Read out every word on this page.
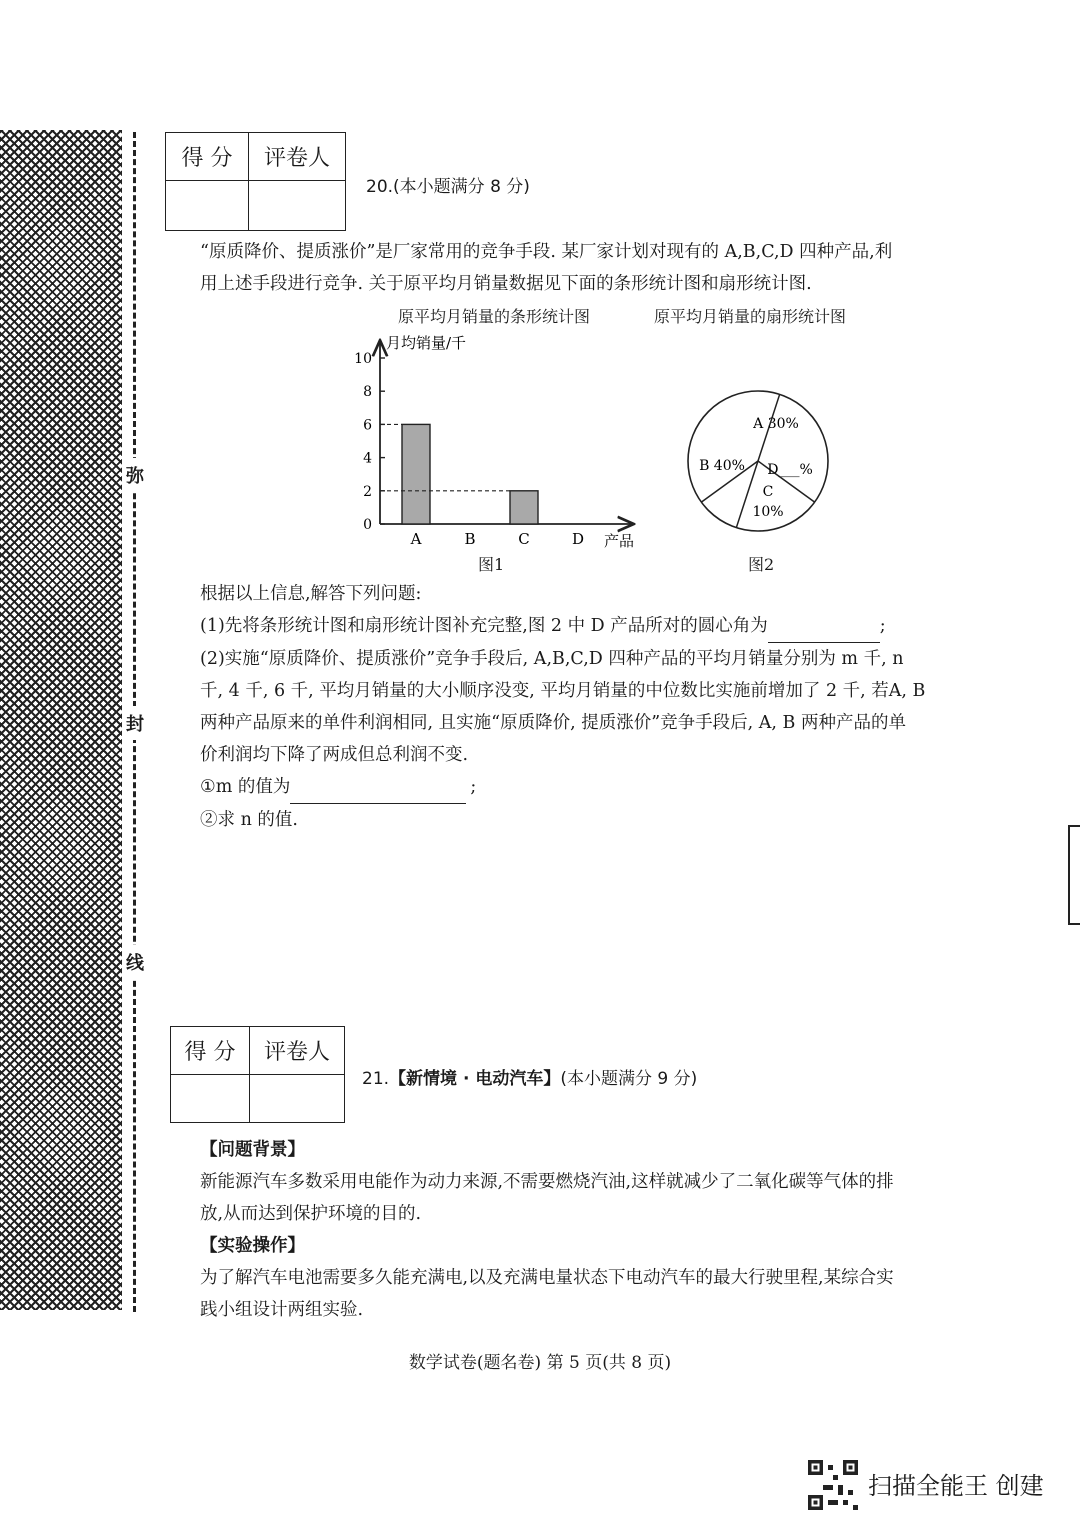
弥
封
线
得 分	评卷人

20.(本小题满分 8 分)
“原质降价、提质涨价”是厂家常用的竞争手段. 某厂家计划对现有的 A,B,C,D 四种产品,利
用上述手段进行竞争. 关于原平均月销量数据见下面的条形统计图和扇形统计图.
原平均月销量的条形统计图	原平均月销量的扇形统计图
月均销量/千
产品
0
2
4
6
8
10
A	B	C	D
图1
A 30%
D___%
C
10%
B 40%
图2
根据以上信息,解答下列问题:
(1)先将条形统计图和扇形统计图补充完整,图 2 中 D 产品所对的圆心角为	;
(2)实施“原质降价、提质涨价”竞争手段后, A,B,C,D 四种产品的平均月销量分别为 m 千, n
千, 4 千, 6 千, 平均月销量的大小顺序没变, 平均月销量的中位数比实施前增加了 2 千, 若A, B
两种产品原来的单件利润相同, 且实施“原质降价, 提质涨价”竞争手段后, A, B 两种产品的单
价利润均下降了两成但总利润不变.
①m 的值为	;
②求 n 的值.
得 分	评卷人

21.【新情境 · 电动汽车】(本小题满分 9 分)
【问题背景】
新能源汽车多数采用电能作为动力来源,不需要燃烧汽油,这样就减少了二氧化碳等气体的排
放,从而达到保护环境的目的.
【实验操作】
为了解汽车电池需要多久能充满电,以及充满电量状态下电动汽车的最大行驶里程,某综合实
践小组设计两组实验.
数学试卷(题名卷) 第 5 页(共 8 页)
扫描全能王 创建
